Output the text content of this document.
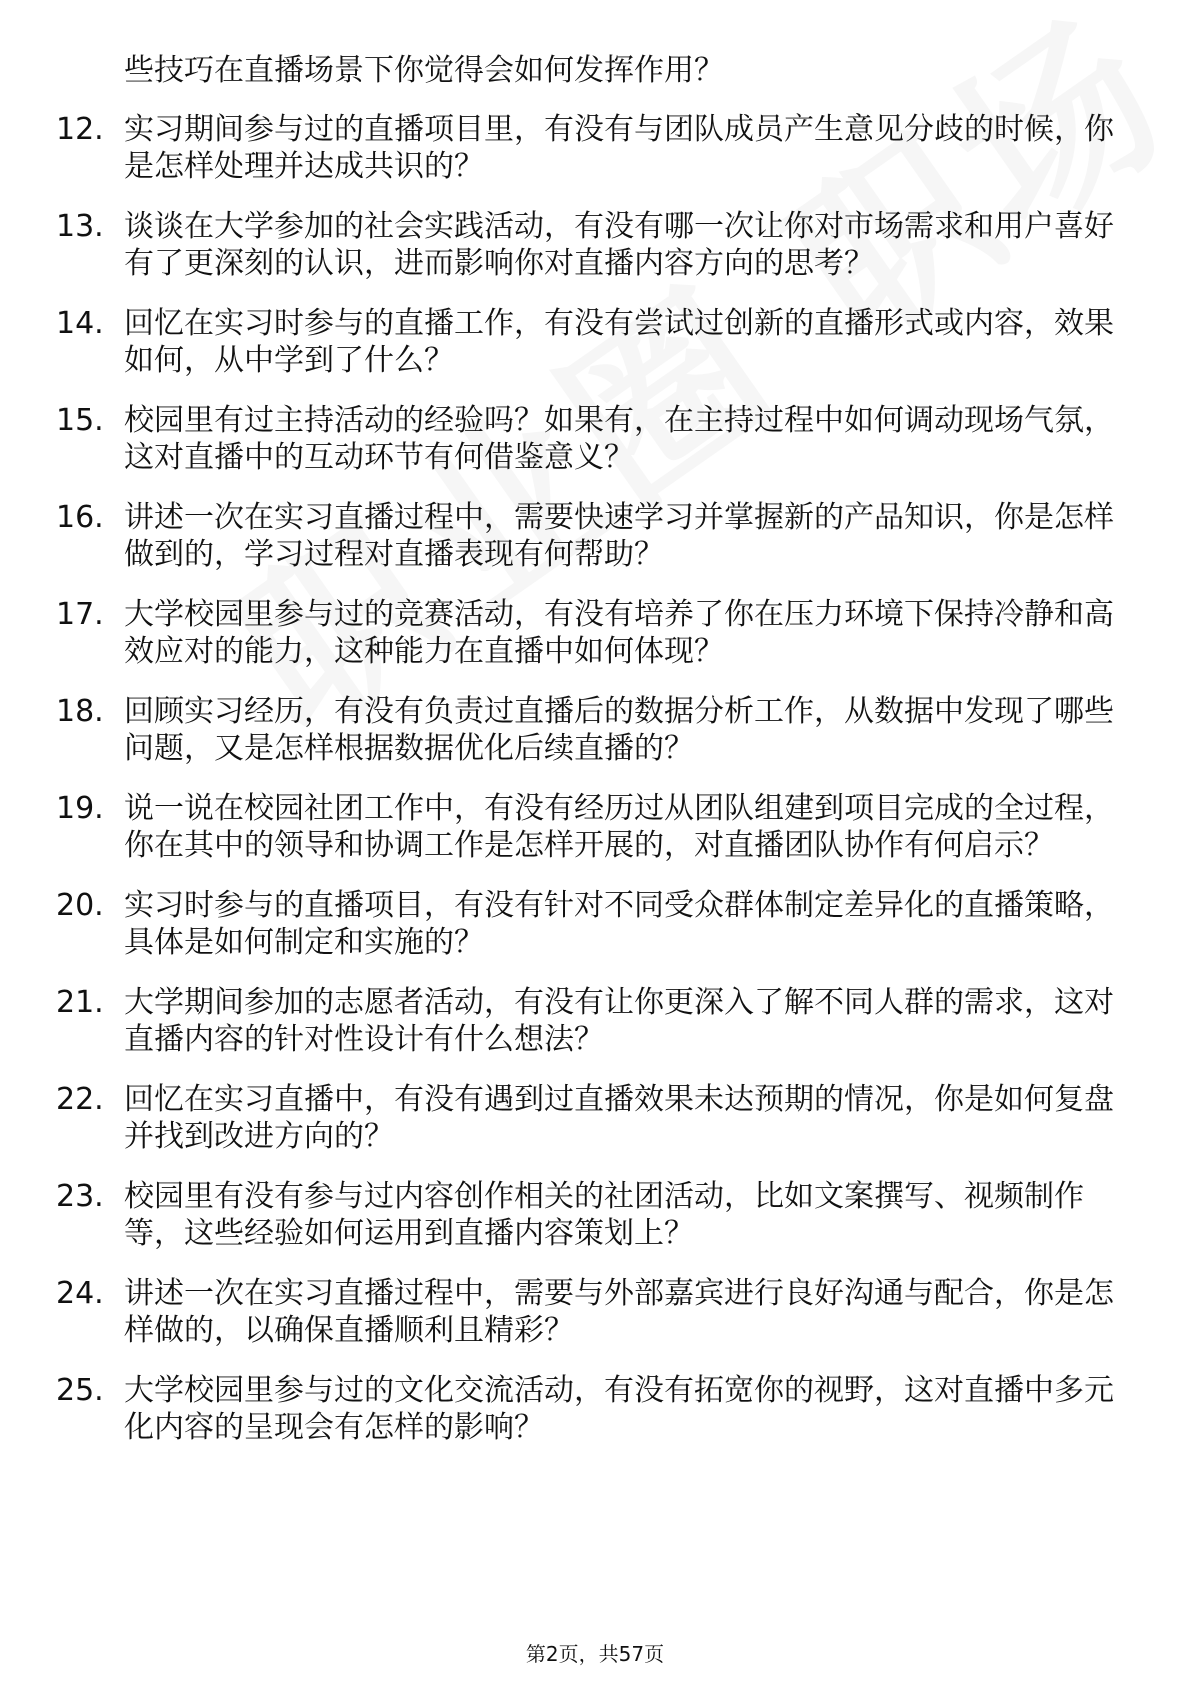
些技巧在直播场景下你觉得会如何发挥作用？
12. 实习期间参与过的直播项目里，有没有与团队成员产生意见分歧的时候，你是怎样处理并达成共识的？
13. 谈谈在大学参加的社会实践活动，有没有哪一次让你对市场需求和用户喜好有了更深刻的认识，进而影响你对直播内容方向的思考？
14. 回忆在实习时参与的直播工作，有没有尝试过创新的直播形式或内容，效果如何，从中学到了什么？
15. 校园里有过主持活动的经验吗？如果有，在主持过程中如何调动现场气氛，这对直播中的互动环节有何借鉴意义？
16. 讲述一次在实习直播过程中，需要快速学习并掌握新的产品知识，你是怎样做到的，学习过程对直播表现有何帮助？
17. 大学校园里参与过的竞赛活动，有没有培养了你在压力环境下保持冷静和高效应对的能力，这种能力在直播中如何体现？
18. 回顾实习经历，有没有负责过直播后的数据分析工作，从数据中发现了哪些问题，又是怎样根据数据优化后续直播的？
19. 说一说在校园社团工作中，有没有经历过从团队组建到项目完成的全过程，你在其中的领导和协调工作是怎样开展的，对直播团队协作有何启示？
20. 实习时参与的直播项目，有没有针对不同受众群体制定差异化的直播策略，具体是如何制定和实施的？
21. 大学期间参加的志愿者活动，有没有让你更深入了解不同人群的需求，这对直播内容的针对性设计有什么想法？
22. 回忆在实习直播中，有没有遇到过直播效果未达预期的情况，你是如何复盘并找到改进方向的？
23. 校园里有没有参与过内容创作相关的社团活动，比如文案撰写、视频制作等，这些经验如何运用到直播内容策划上？
24. 讲述一次在实习直播过程中，需要与外部嘉宾进行良好沟通与配合，你是怎样做的，以确保直播顺利且精彩？
25. 大学校园里参与过的文化交流活动，有没有拓宽你的视野，这对直播中多元化内容的呈现会有怎样的影响？
第2页，共57页
